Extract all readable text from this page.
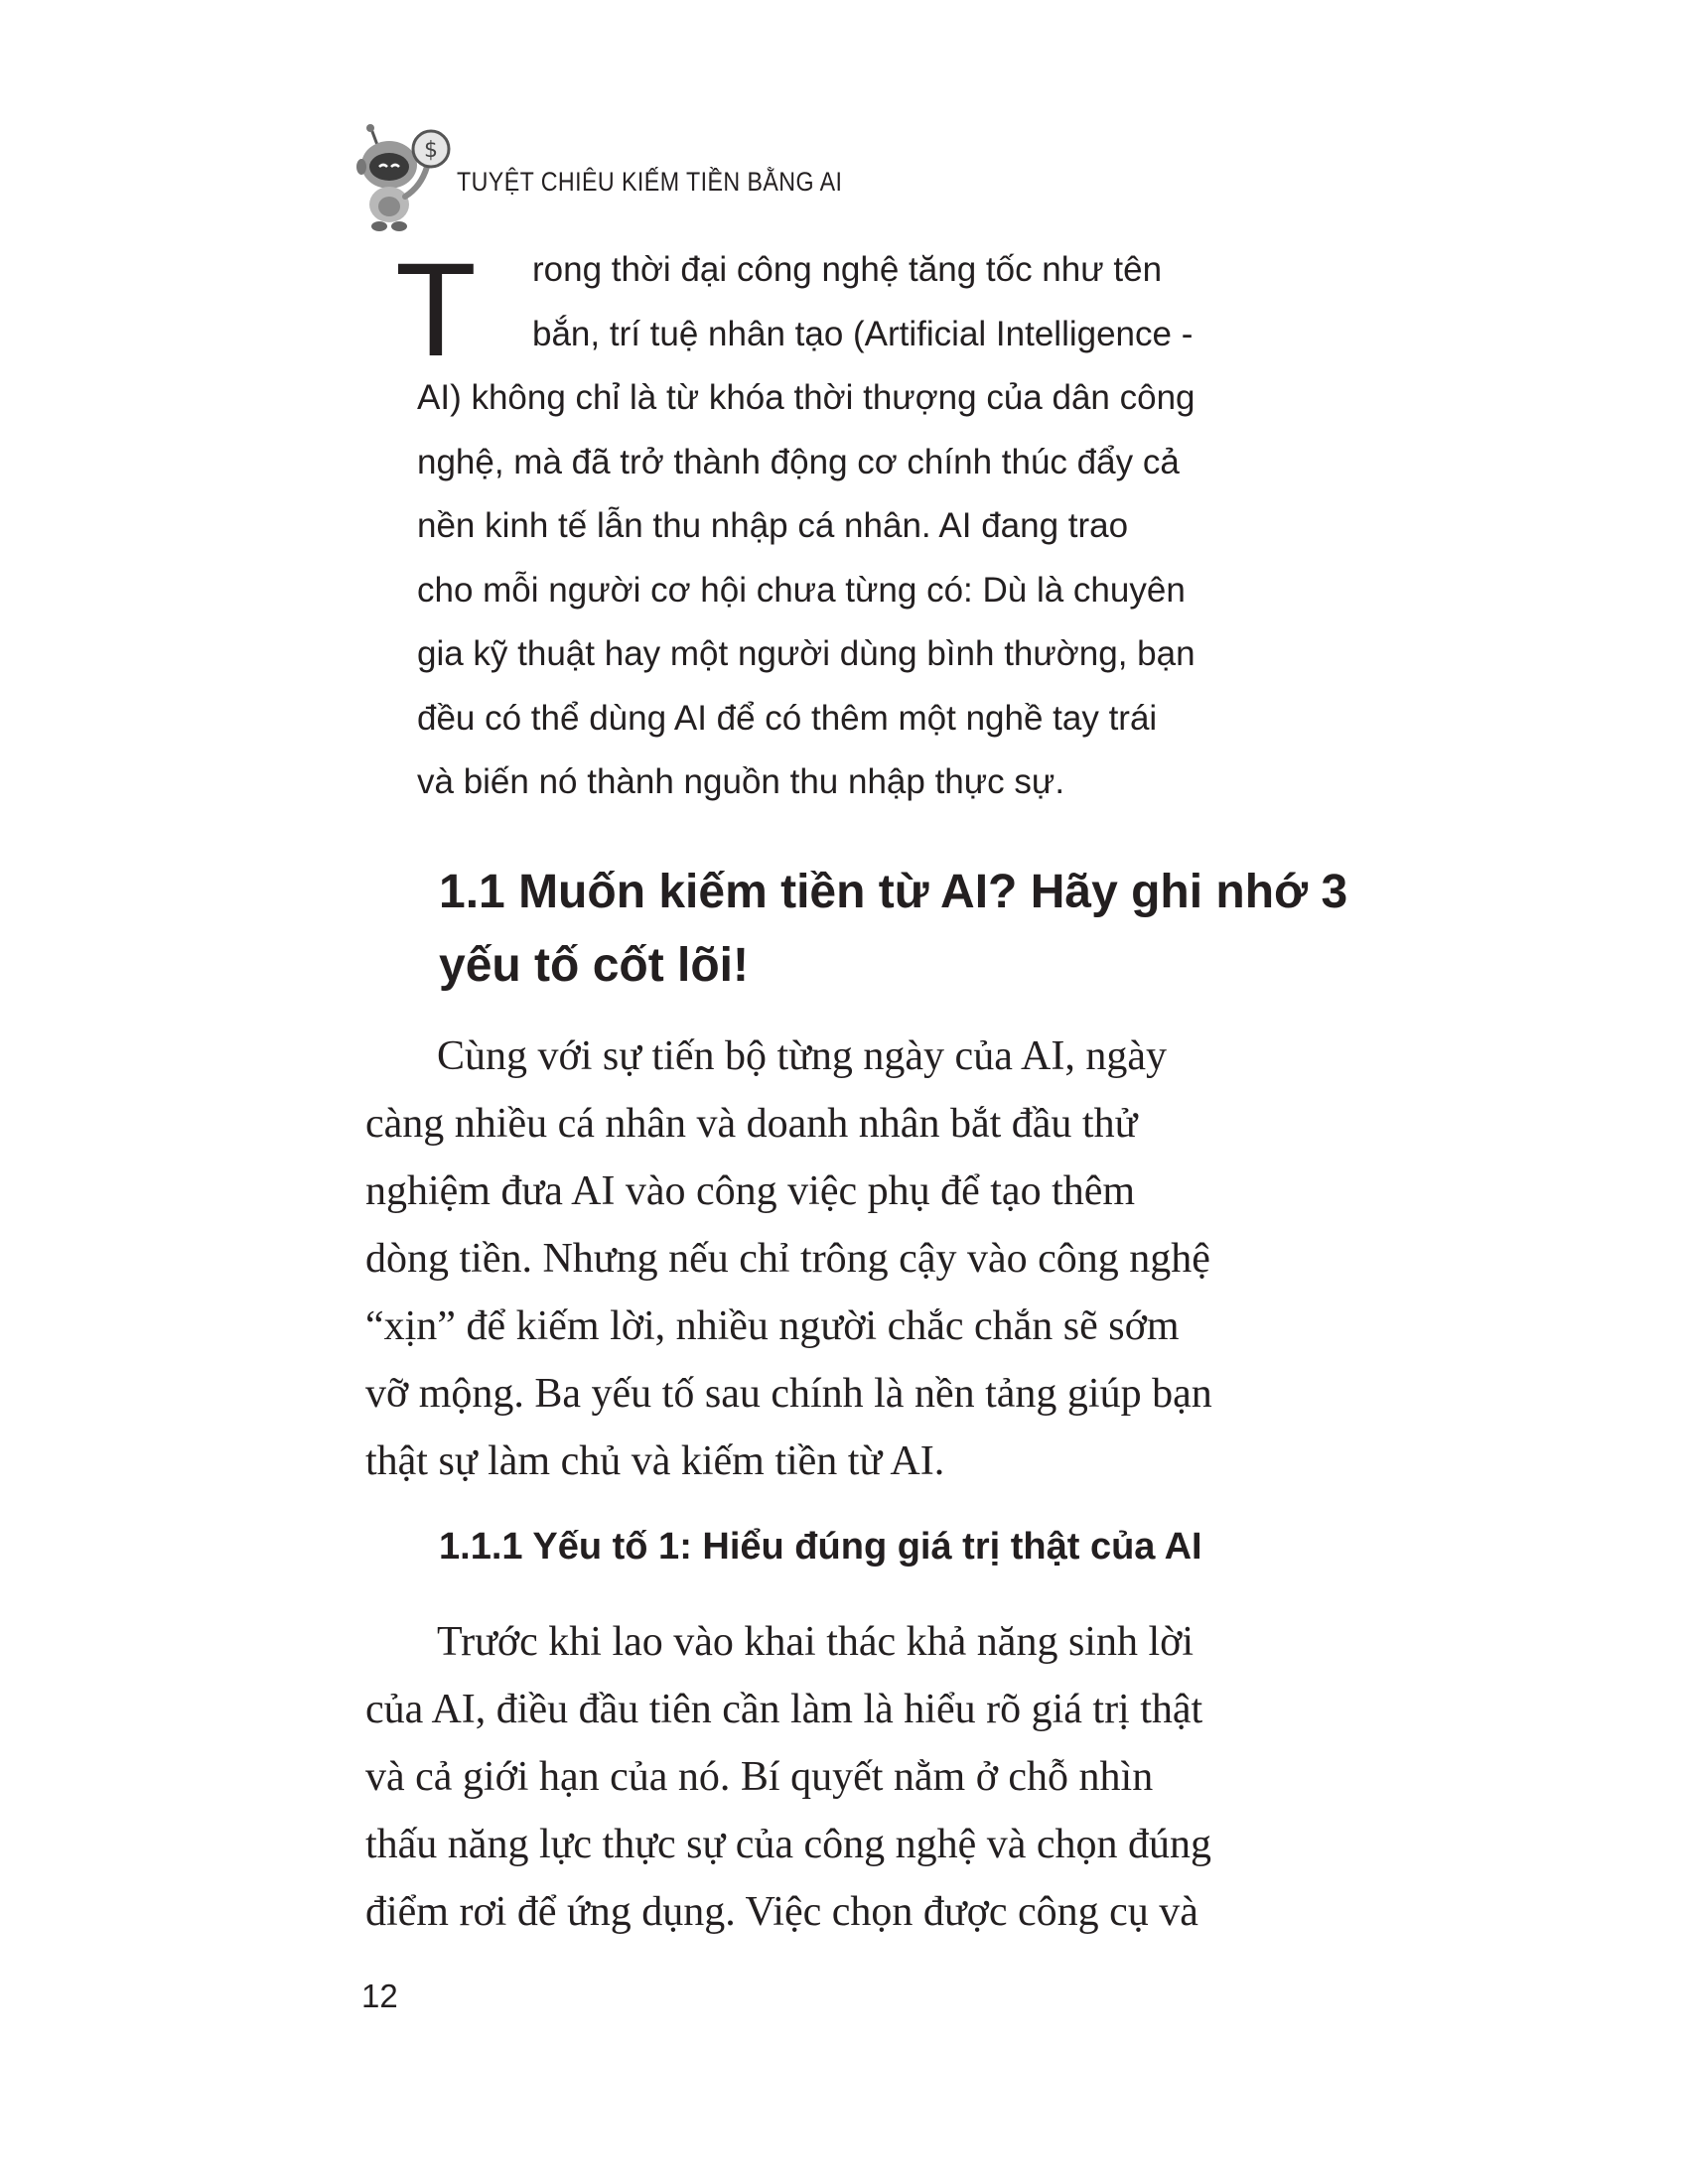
$
TUYỆT CHIÊU KIẾM TIỀN BẰNG AI
T	rong thời đại công nghệ tăng tốc như tên
bắn, trí tuệ nhân tạo (Artificial Intelligence -
AI) không chỉ là từ khóa thời thượng của dân công
nghệ, mà đã trở thành động cơ chính thúc đẩy cả
nền kinh tế lẫn thu nhập cá nhân. AI đang trao
cho mỗi người cơ hội chưa từng có: Dù là chuyên
gia kỹ thuật hay một người dùng bình thường, bạn
đều có thể dùng AI để có thêm một nghề tay trái
và biến nó thành nguồn thu nhập thực sự.
1.1 Muốn kiếm tiền từ AI? Hãy ghi nhớ 3
yếu tố cốt lõi!
Cùng với sự tiến bộ từng ngày của AI, ngày
càng nhiều cá nhân và doanh nhân bắt đầu thử
nghiệm đưa AI vào công việc phụ để tạo thêm
dòng tiền. Nhưng nếu chỉ trông cậy vào công nghệ
“xịn” để kiếm lời, nhiều người chắc chắn sẽ sớm
vỡ mộng. Ba yếu tố sau chính là nền tảng giúp bạn
thật sự làm chủ và kiếm tiền từ AI.
1.1.1 Yếu tố 1: Hiểu đúng giá trị thật của AI
Trước khi lao vào khai thác khả năng sinh lời
của AI, điều đầu tiên cần làm là hiểu rõ giá trị thật
và cả giới hạn của nó. Bí quyết nằm ở chỗ nhìn
thấu năng lực thực sự của công nghệ và chọn đúng
điểm rơi để ứng dụng. Việc chọn được công cụ và
12
